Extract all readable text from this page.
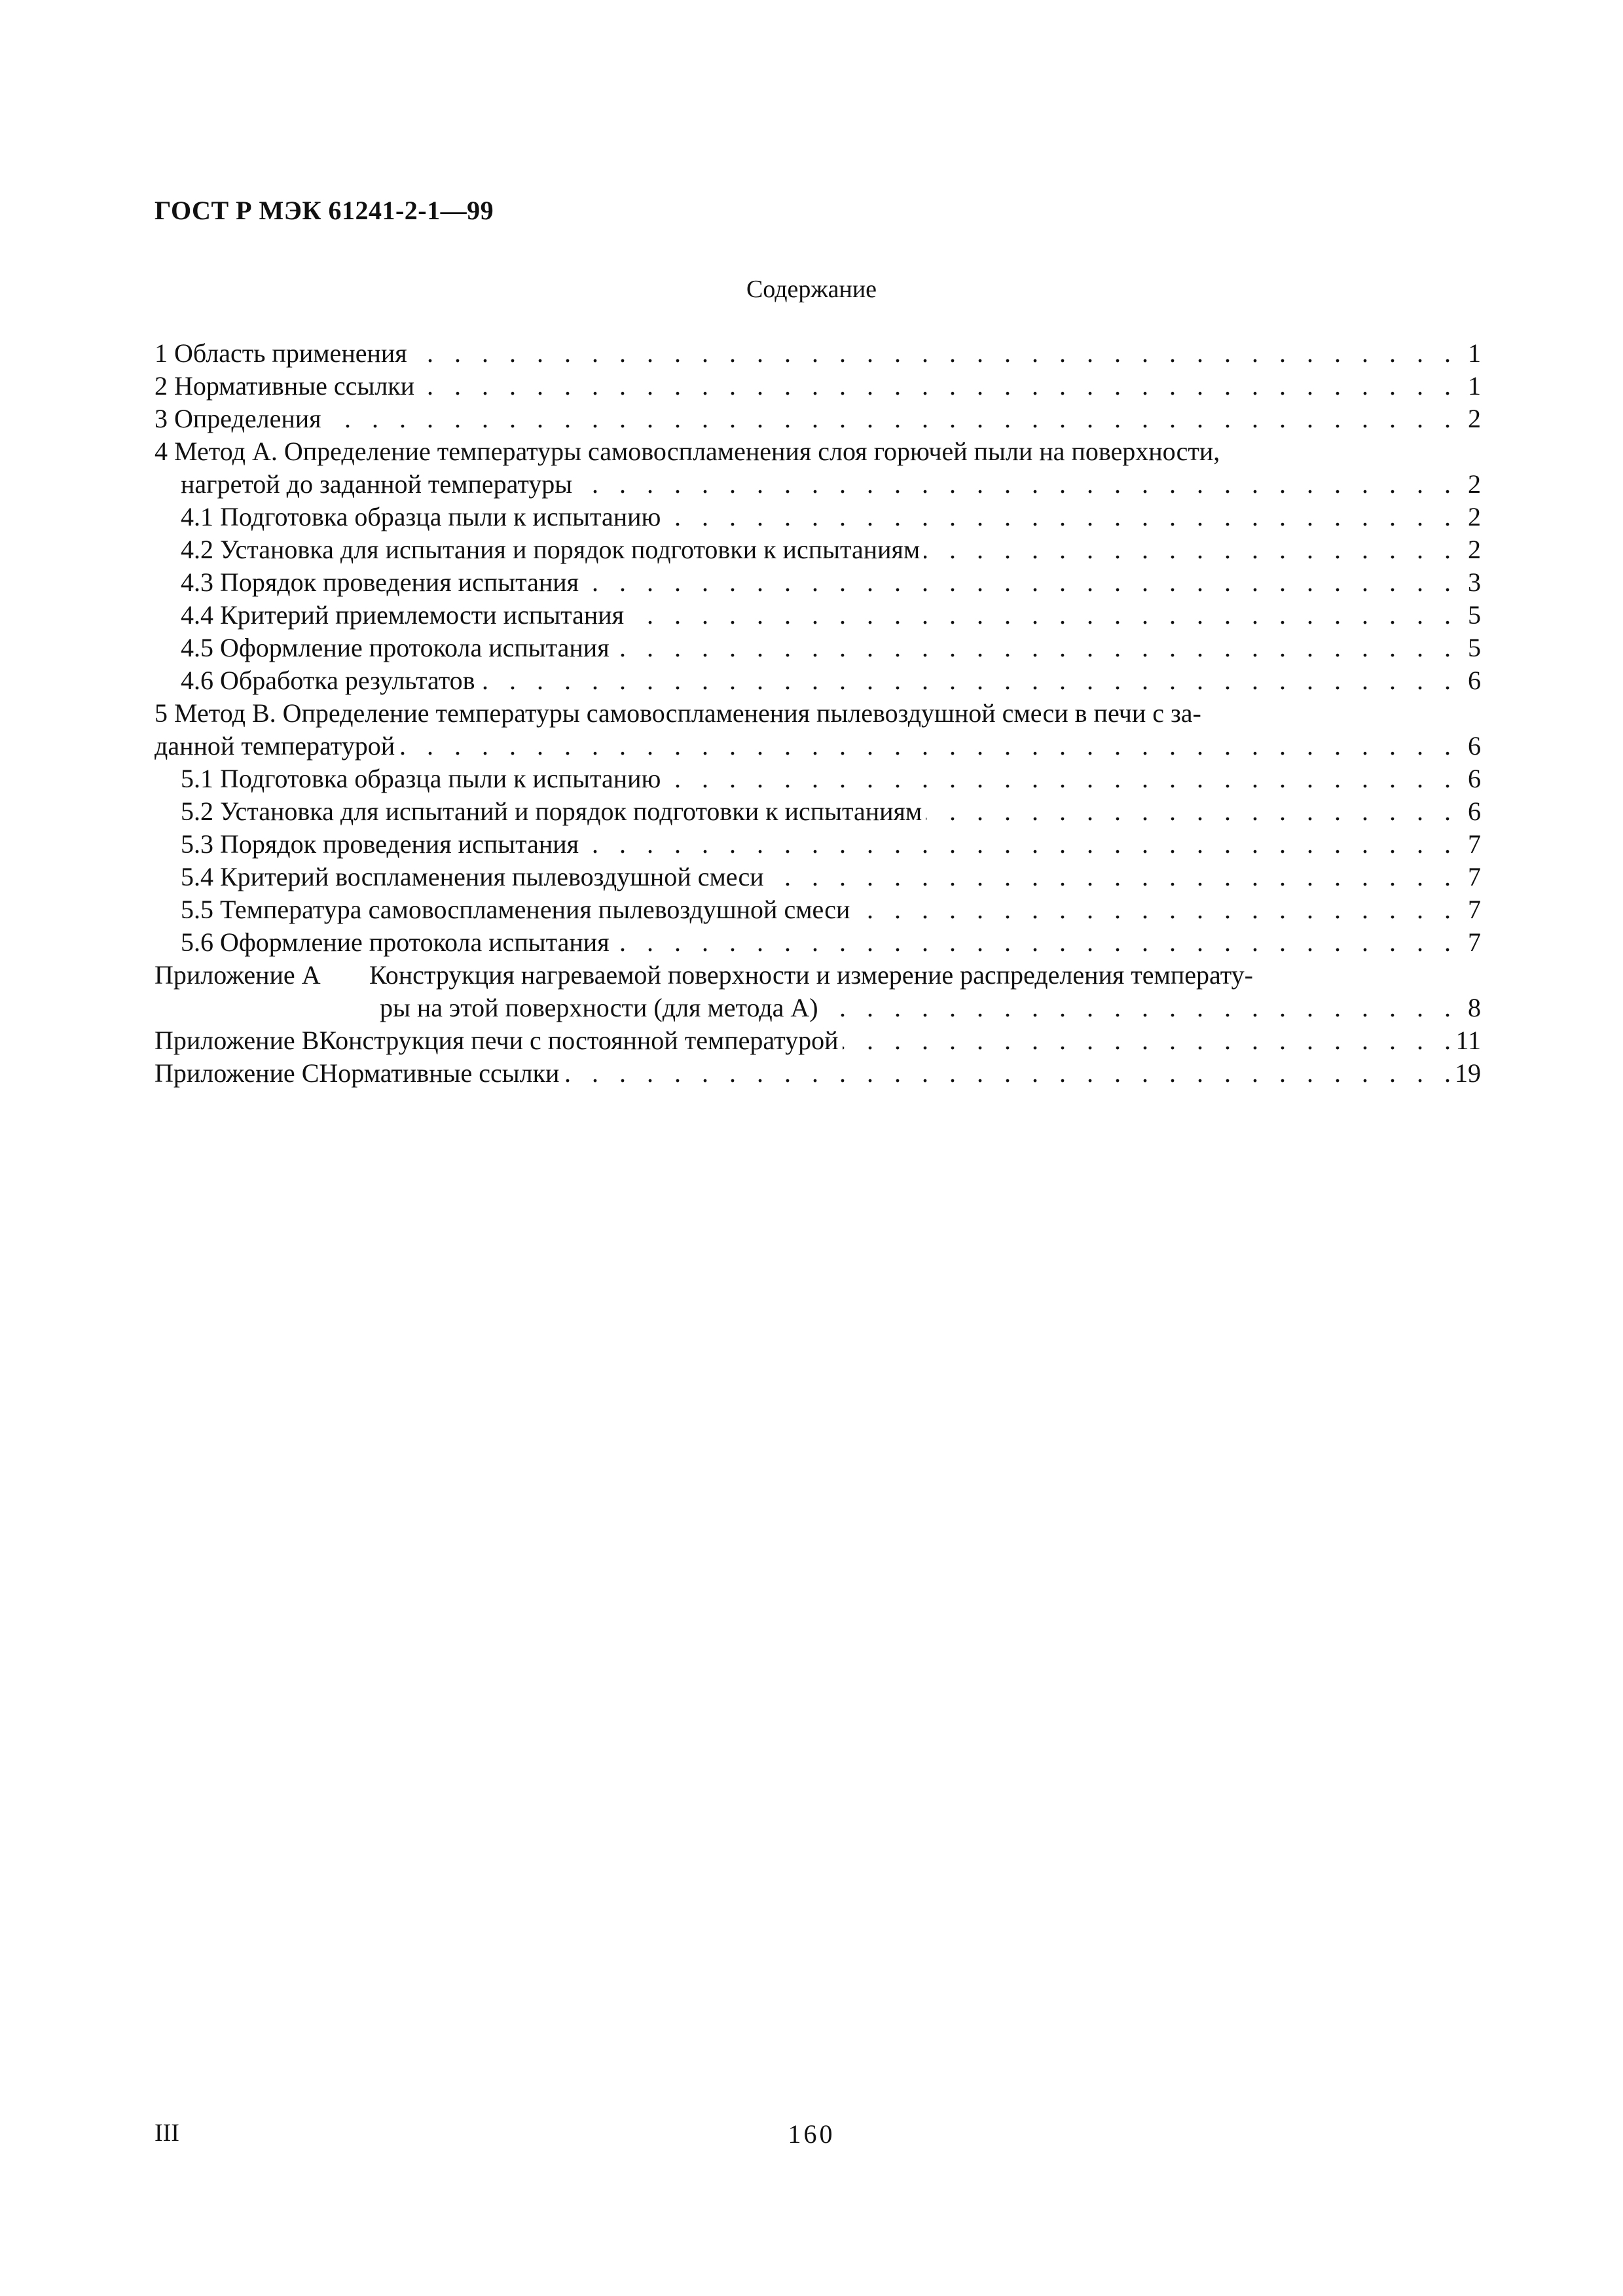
ГОСТ Р МЭК 61241-2-1—99
Содержание
1 Область применения . . .	1
2 Нормативные ссылки . . .	1
3 Определения . . .	2
4 Метод А. Определение температуры самовоспламенения слоя горючей пыли на поверхности,
нагретой до заданной температуры . . .	2
4.1 Подготовка образца пыли к испытанию . . .	2
4.2 Установка для испытания и порядок подготовки к испытаниям . . .	2
4.3 Порядок проведения испытания . . .	3
4.4 Критерий приемлемости испытания . . .	5
4.5 Оформление протокола испытания . . .	5
4.6 Обработка результатов . . .	6
5 Метод В. Определение температуры самовоспламенения пылевоздушной смеси в печи с за-
данной температурой . . .	6
5.1 Подготовка образца пыли к испытанию . . .	6
5.2 Установка для испытаний и порядок подготовки к испытаниям . . .	6
5.3 Порядок проведения испытания . . .	7
5.4 Критерий воспламенения пылевоздушной смеси . . .	7
5.5 Температура самовоспламенения пылевоздушной смеси . . .	7
5.6 Оформление протокола испытания . . .	7
Приложение А	Конструкция нагреваемой поверхности и измерение распределения температу-
ры на этой поверхности (для метода А) . . .	8
Приложение В Конструкция печи с постоянной температурой . . .	11
Приложение С Нормативные ссылки . . .	19
III	160
